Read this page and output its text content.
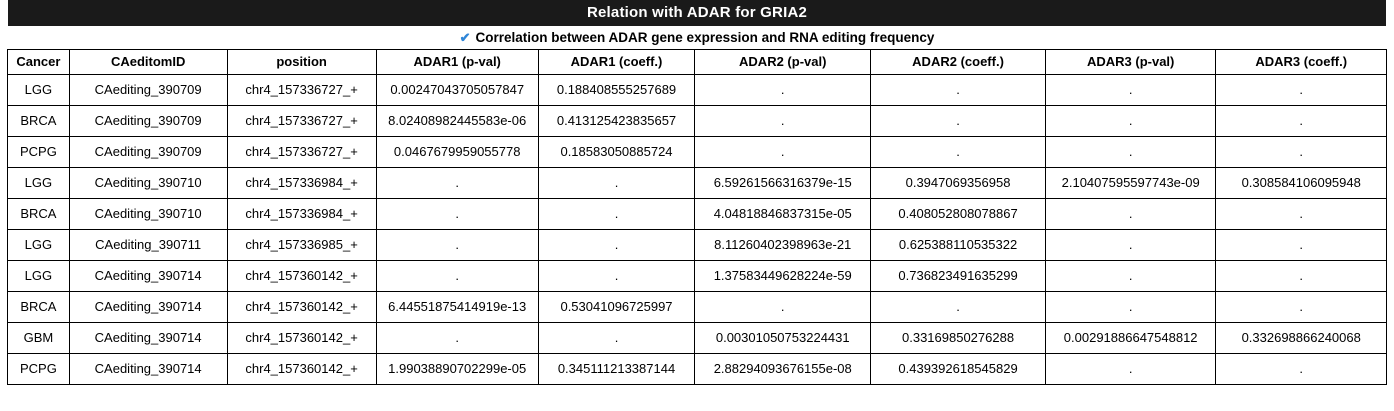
Relation with ADAR for GRIA2
✔ Correlation between ADAR gene expression and RNA editing frequency
Cancer	CAeditomID	position	ADAR1 (p-val)	ADAR1 (coeff.)	ADAR2 (p-val)	ADAR2 (coeff.)	ADAR3 (p-val)	ADAR3 (coeff.)
LGG	CAediting_390709	chr4_157336727_+	0.00247043705057847	0.188408555257689	.	.	.	.
BRCA	CAediting_390709	chr4_157336727_+	8.02408982445583e-06	0.413125423835657	.	.	.	.
PCPG	CAediting_390709	chr4_157336727_+	0.0467679959055778	0.18583050885724	.	.	.	.
LGG	CAediting_390710	chr4_157336984_+	.	.	6.59261566316379e-15	0.3947069356958	2.10407595597743e-09	0.308584106095948
BRCA	CAediting_390710	chr4_157336984_+	.	.	4.04818846837315e-05	0.408052808078867	.	.
LGG	CAediting_390711	chr4_157336985_+	.	.	8.11260402398963e-21	0.625388110535322	.	.
LGG	CAediting_390714	chr4_157360142_+	.	.	1.37583449628224e-59	0.736823491635299	.	.
BRCA	CAediting_390714	chr4_157360142_+	6.44551875414919e-13	0.53041096725997	.	.	.	.
GBM	CAediting_390714	chr4_157360142_+	.	.	0.00301050753224431	0.33169850276288	0.00291886647548812	0.332698866240068
PCPG	CAediting_390714	chr4_157360142_+	1.99038890702299e-05	0.345111213387144	2.88294093676155e-08	0.439392618545829	.	.
